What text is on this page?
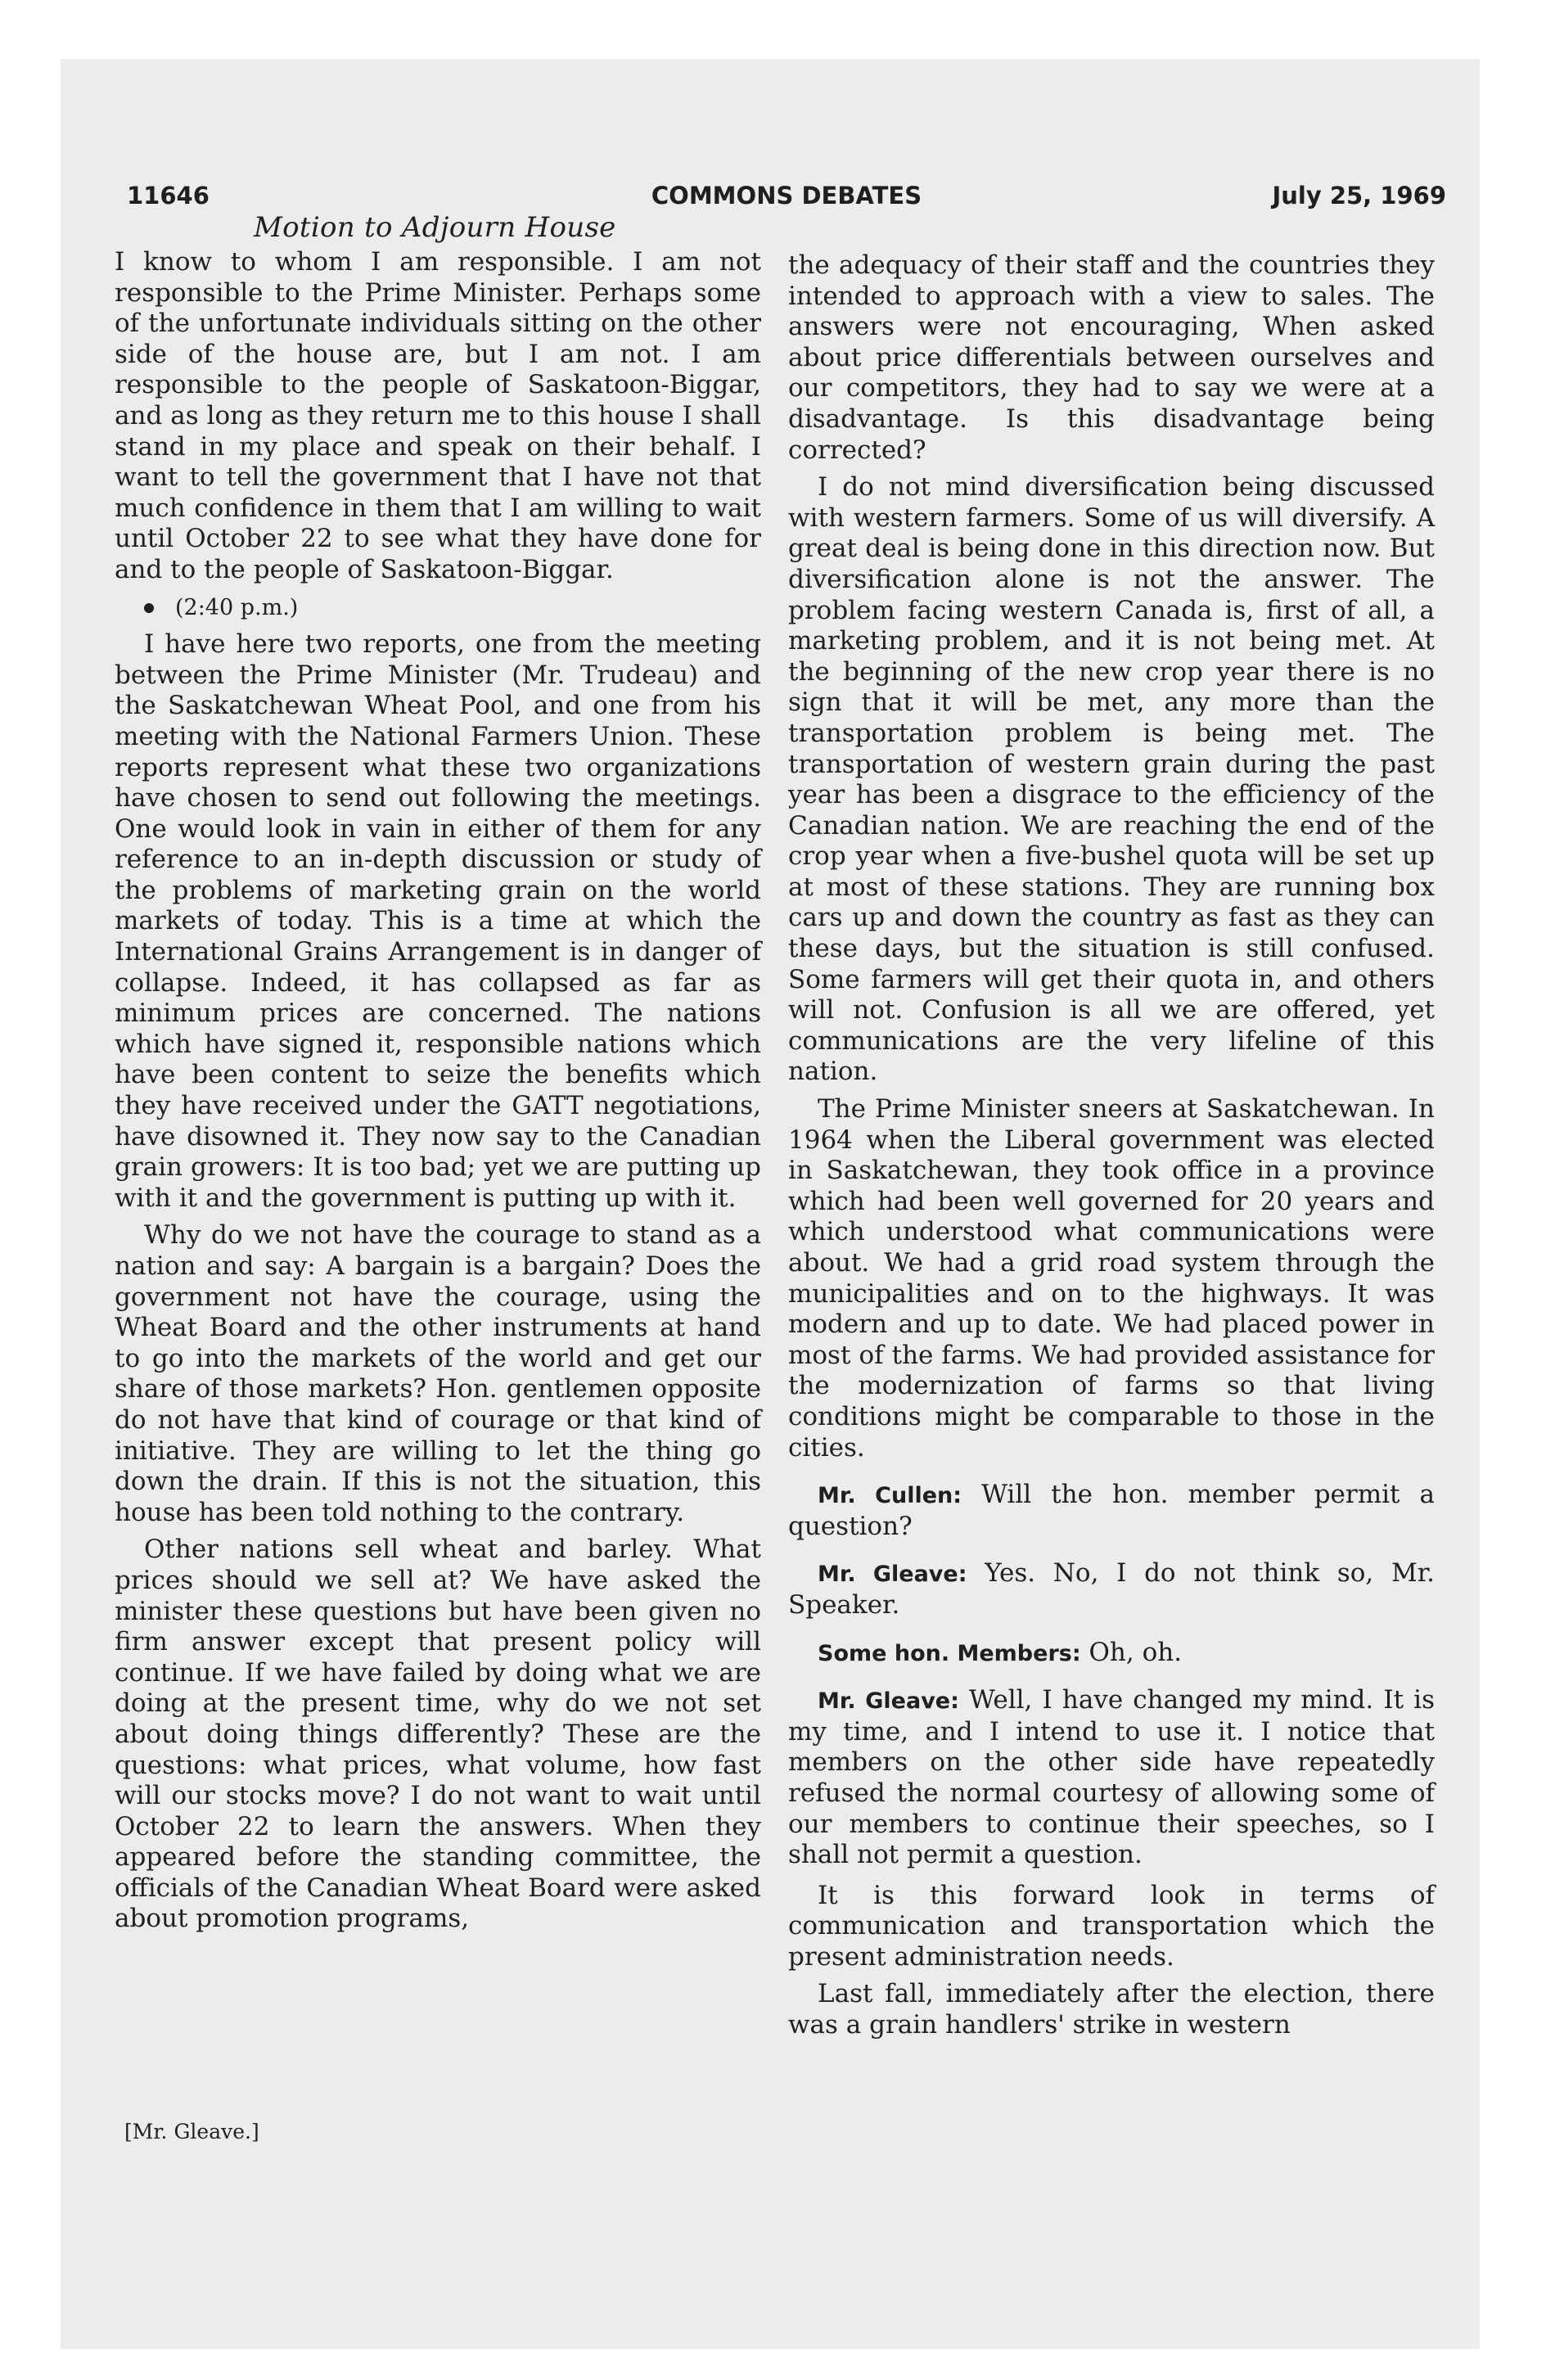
11646	COMMONS DEBATES	July 25, 1969
Motion to Adjourn House

I know to whom I am responsible. I am not responsible to the Prime Minister. Perhaps some of the unfortunate individuals sitting on the other side of the house are, but I am not. I am responsible to the people of Saskatoon-Biggar, and as long as they return me to this house I shall stand in my place and speak on their behalf. I want to tell the government that I have not that much confidence in them that I am willing to wait until October 22 to see what they have done for and to the people of Saskatoon-Biggar.

(2:40 p.m.)

I have here two reports, one from the meeting between the Prime Minister (Mr. Trudeau) and the Saskatchewan Wheat Pool, and one from his meeting with the National Farmers Union. These reports represent what these two organizations have chosen to send out following the meetings. One would look in vain in either of them for any reference to an in-depth discussion or study of the problems of marketing grain on the world markets of today. This is a time at which the International Grains Arrangement is in danger of collapse. Indeed, it has collapsed as far as minimum prices are concerned. The nations which have signed it, responsible nations which have been content to seize the benefits which they have received under the GATT negotiations, have disowned it. They now say to the Canadian grain growers: It is too bad; yet we are putting up with it and the government is putting up with it.

Why do we not have the courage to stand as a nation and say: A bargain is a bargain? Does the government not have the courage, using the Wheat Board and the other instruments at hand to go into the markets of the world and get our share of those markets? Hon. gentlemen opposite do not have that kind of courage or that kind of initiative. They are willing to let the thing go down the drain. If this is not the situation, this house has been told nothing to the contrary.

Other nations sell wheat and barley. What prices should we sell at? We have asked the minister these questions but have been given no firm answer except that present policy will continue. If we have failed by doing what we are doing at the present time, why do we not set about doing things differently? These are the questions: what prices, what volume, how fast will our stocks move? I do not want to wait until October 22 to learn the answers. When they appeared before the standing committee, the officials of the Canadian Wheat Board were asked about promotion programs,

[Mr. Gleave.]

the adequacy of their staff and the countries they intended to approach with a view to sales. The answers were not encouraging, When asked about price differentials between ourselves and our competitors, they had to say we were at a disadvantage. Is this disadvantage being corrected?

I do not mind diversification being discussed with western farmers. Some of us will diversify. A great deal is being done in this direction now. But diversification alone is not the answer. The problem facing western Canada is, first of all, a marketing problem, and it is not being met. At the beginning of the new crop year there is no sign that it will be met, any more than the transportation problem is being met. The transportation of western grain during the past year has been a disgrace to the efficiency of the Canadian nation. We are reaching the end of the crop year when a five-bushel quota will be set up at most of these stations. They are running box cars up and down the country as fast as they can these days, but the situation is still confused. Some farmers will get their quota in, and others will not. Confusion is all we are offered, yet communications are the very lifeline of this nation.

The Prime Minister sneers at Saskatchewan. In 1964 when the Liberal government was elected in Saskatchewan, they took office in a province which had been well governed for 20 years and which understood what communications were about. We had a grid road system through the municipalities and on to the highways. It was modern and up to date. We had placed power in most of the farms. We had provided assistance for the modernization of farms so that living conditions might be comparable to those in the cities.

Mr. Cullen: Will the hon. member permit a question?

Mr. Gleave: Yes. No, I do not think so, Mr. Speaker.

Some hon. Members: Oh, oh.

Mr. Gleave: Well, I have changed my mind. It is my time, and I intend to use it. I notice that members on the other side have repeatedly refused the normal courtesy of allowing some of our members to continue their speeches, so I shall not permit a question.

It is this forward look in terms of communication and transportation which the present administration needs.

Last fall, immediately after the election, there was a grain handlers' strike in western
